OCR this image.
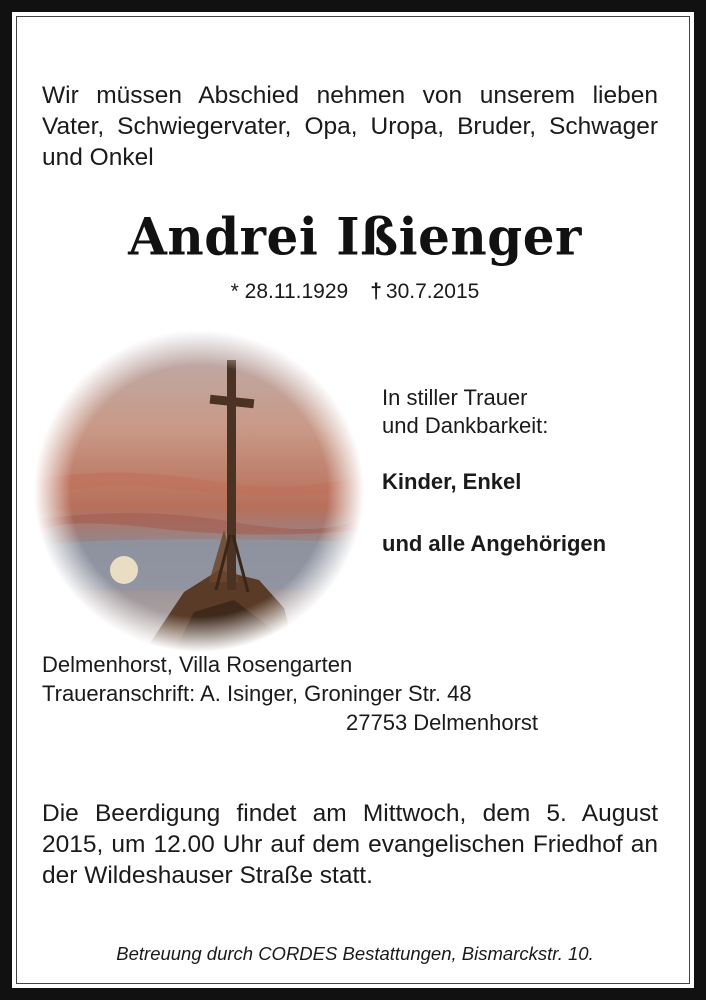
Wir müssen Abschied nehmen von unserem lieben Vater, Schwiegervater, Opa, Uropa, Bruder, Schwager und Onkel

Andrei Ißienger

* 28.11.1929 † 30.7.2015

In stiller Trauer
und Dankbarkeit:
Kinder, Enkel
und alle Angehörigen
Delmenhorst, Villa Rosengarten
Traueranschrift: A. Isinger, Groninger Str. 48
27753 Delmenhorst

Die Beerdigung findet am Mittwoch, dem 5. August 2015, um 12.00 Uhr auf dem evangelischen Friedhof an der Wildeshauser Straße statt.

Betreuung durch CORDES Bestattungen, Bismarckstr. 10.
